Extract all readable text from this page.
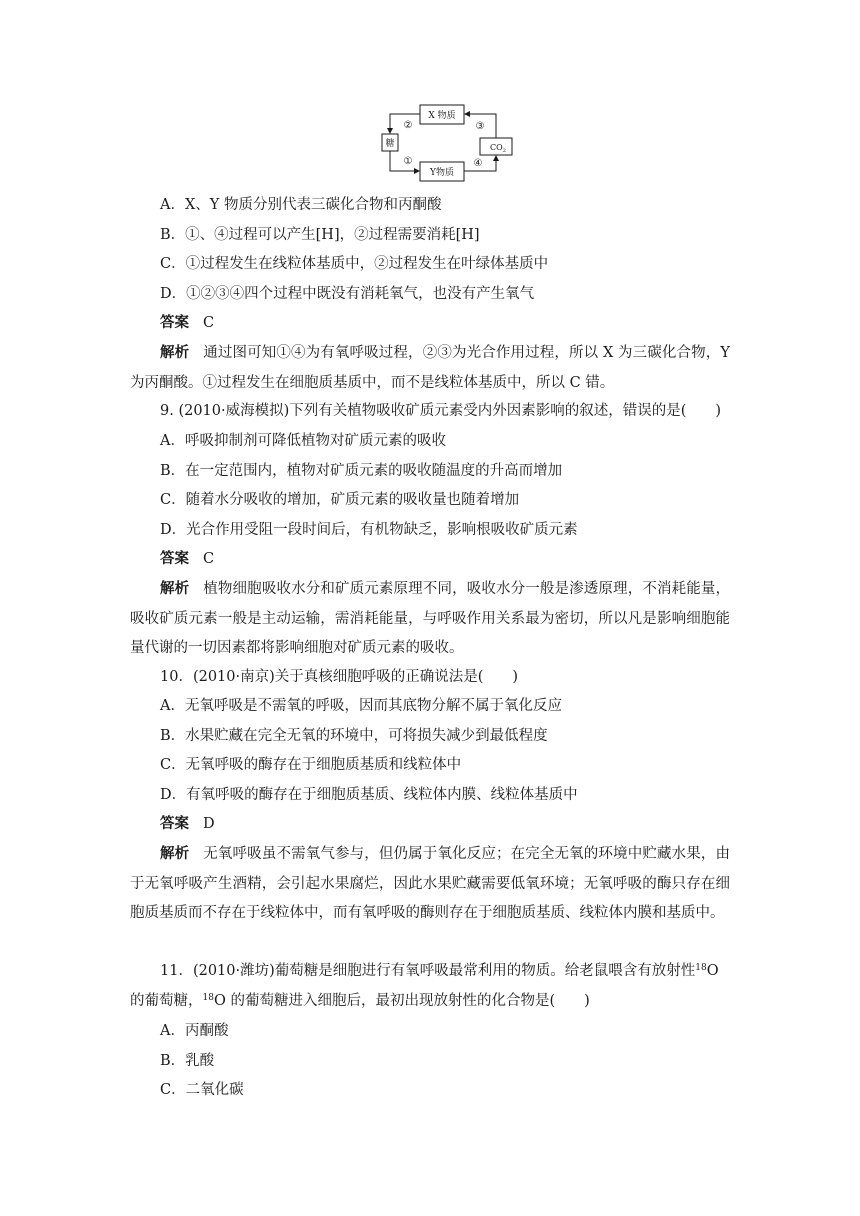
X 物质
Y物质
糖	$CO_2$
②
①
③
④
A．X、Y 物质分别代表三碳化合物和丙酮酸
B．①、④过程可以产生[H]，②过程需要消耗[H]
C．①过程发生在线粒体基质中，②过程发生在叶绿体基质中
D．①②③④四个过程中既没有消耗氧气，也没有产生氧气
答案 C
解析 通过图可知①④为有氧呼吸过程，②③为光合作用过程，所以 X 为三碳化合物，Y 为丙酮酸。①过程发生在细胞质基质中，而不是线粒体基质中，所以 C 错。
9. (2010·威海模拟)下列有关植物吸收矿质元素受内外因素影响的叙述，错误的是(　　)
A．呼吸抑制剂可降低植物对矿质元素的吸收
B．在一定范围内，植物对矿质元素的吸收随温度的升高而增加
C．随着水分吸收的增加，矿质元素的吸收量也随着增加
D．光合作用受阻一段时间后，有机物缺乏，影响根吸收矿质元素
答案 C
解析 植物细胞吸收水分和矿质元素原理不同，吸收水分一般是渗透原理，不消耗能量，吸收矿质元素一般是主动运输，需消耗能量，与呼吸作用关系最为密切，所以凡是影响细胞能量代谢的一切因素都将影响细胞对矿质元素的吸收。
10．(2010·南京)关于真核细胞呼吸的正确说法是(　　)
A．无氧呼吸是不需氧的呼吸，因而其底物分解不属于氧化反应
B．水果贮藏在完全无氧的环境中，可将损失减少到最低程度
C．无氧呼吸的酶存在于细胞质基质和线粒体中
D．有氧呼吸的酶存在于细胞质基质、线粒体内膜、线粒体基质中
答案 D
解析 无氧呼吸虽不需氧气参与，但仍属于氧化反应；在完全无氧的环境中贮藏水果，由于无氧呼吸产生酒精，会引起水果腐烂，因此水果贮藏需要低氧环境；无氧呼吸的酶只存在细胞质基质而不存在于线粒体中，而有氧呼吸的酶则存在于细胞质基质、线粒体内膜和基质中。
11．(2010·潍坊)葡萄糖是细胞进行有氧呼吸最常利用的物质。给老鼠喂含有放射性$^{18}$O 的葡萄糖，$^{18}$O 的葡萄糖进入细胞后，最初出现放射性的化合物是(　　)
A．丙酮酸
B．乳酸
C．二氧化碳
